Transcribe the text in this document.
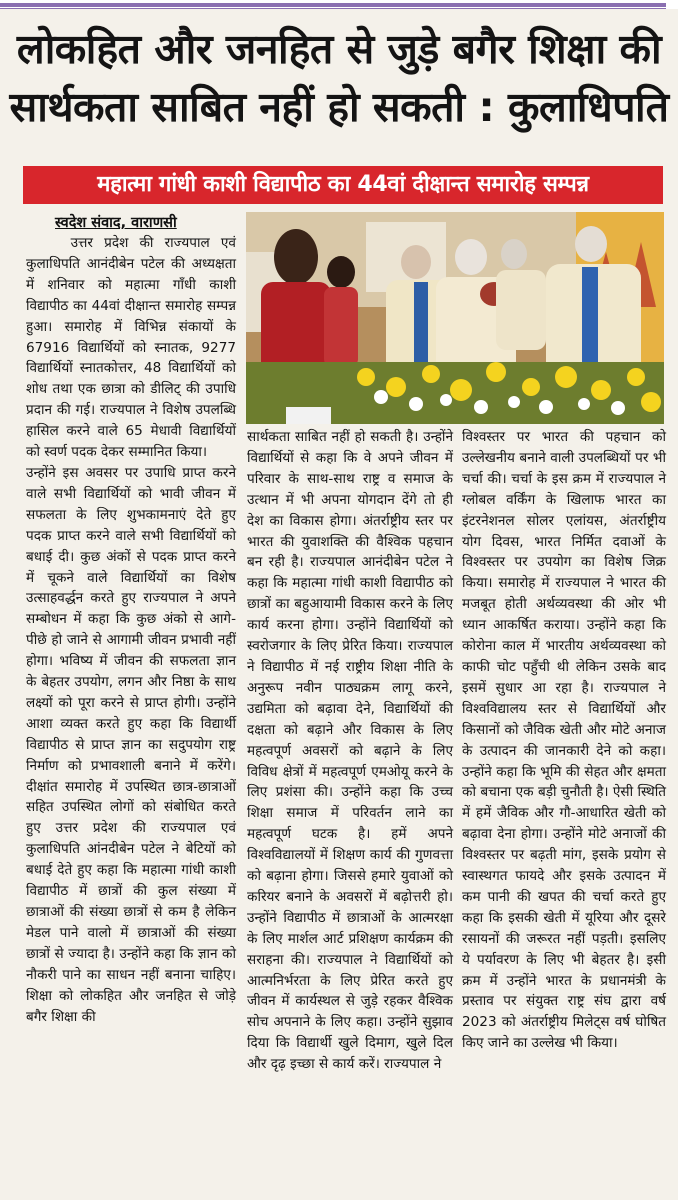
लोकहित और जनहित से जुड़े बगैर शिक्षा की
सार्थकता साबित नहीं हो सकती : कुलाधिपति
महात्मा गांधी काशी विद्यापीठ का 44वां दीक्षान्त समारोह सम्पन्न
स्वदेश संवाद, वाराणसी

उत्तर प्रदेश की राज्यपाल एवं कुलाधिपति आनंदीबेन पटेल की अध्यक्षता में शनिवार को महात्मा गाँधी काशी विद्यापीठ का 44वां दीक्षान्त समारोह सम्पन्न हुआ। समारोह में विभिन्न संकायों के 67916 विद्यार्थियों को स्नातक, 9277 विद्यार्थियों स्नातकोत्तर, 48 विद्यार्थियों को शोध तथा एक छात्रा को डीलिट् की उपाधि प्रदान की गई। राज्यपाल ने विशेष उपलब्धि हासिल करने वाले 65 मेधावी विद्यार्थियों को स्वर्ण पदक देकर सम्मानित किया।

उन्होंने इस अवसर पर उपाधि प्राप्त करने वाले सभी विद्यार्थियों को भावी जीवन में सफलता के लिए शुभकामनाएं देते हुए पदक प्राप्त करने वाले सभी विद्यार्थियों को बधाई दी। कुछ अंकों से पदक प्राप्त करने में चूकने वाले विद्यार्थियों का विशेष उत्साहवर्द्धन करते हुए राज्यपाल ने अपने सम्बोधन में कहा कि कुछ अंको से आगे-पीछे हो जाने से आगामी जीवन प्रभावी नहीं होगा। भविष्य में जीवन की सफलता ज्ञान के बेहतर उपयोग, लगन और निष्ठा के साथ लक्ष्यों को पूरा करने से प्राप्त होगी। उन्होंने आशा व्यक्त करते हुए कहा कि विद्यार्थी विद्यापीठ से प्राप्त ज्ञान का सदुपयोग राष्ट्र निर्माण को प्रभावशाली बनाने में करेंगे। दीक्षांत समारोह में उपस्थित छात्र-छात्राओं सहित उपस्थित लोगों को संबोधित करते हुए उत्तर प्रदेश की राज्यपाल एवं कुलाधिपति आंनदीबेन पटेल ने बेटियों को बधाई देते हुए कहा कि महात्मा गांधी काशी विद्यापीठ में छात्रों की कुल संख्या में छात्राओं की संख्या छात्रों से कम है लेकिन मेडल पाने वालो में छात्राओं की संख्या छात्रों से ज्यादा है। उन्होंने कहा कि ज्ञान को नौकरी पाने का साधन नहीं बनाना चाहिए। शिक्षा को लोकहित और जनहित से जोड़े बगैर शिक्षा की

सार्थकता साबित नहीं हो सकती है। उन्होंने विद्यार्थियों से कहा कि वे अपने जीवन में परिवार के साथ-साथ राष्ट्र व समाज के उत्थान में भी अपना योगदान देंगे तो ही देश का विकास होगा। अंतर्राष्ट्रीय स्तर पर भारत की युवाशक्ति की वैश्विक पहचान बन रही है। राज्यपाल आनंदीबेन पटेल ने कहा कि महात्मा गांधी काशी विद्यापीठ को छात्रों का बहुआयामी विकास करने के लिए कार्य करना होगा। उन्होंने विद्यार्थियों को स्वरोजगार के लिए प्रेरित किया। राज्यपाल ने विद्यापीठ में नई राष्ट्रीय शिक्षा नीति के अनुरूप नवीन पाठ्यक्रम लागू करने, उद्यमिता को बढ़ावा देने, विद्यार्थियों की दक्षता को बढ़ाने और विकास के लिए महत्वपूर्ण अवसरों को बढ़ाने के लिए विविध क्षेत्रों में महत्वपूर्ण एमओयू करने के लिए प्रशंसा की। उन्होंने कहा कि उच्च शिक्षा समाज में परिवर्तन लाने का महत्वपूर्ण घटक है। हमें अपने विश्वविद्यालयों में शिक्षण कार्य की गुणवत्ता को बढ़ाना होगा। जिससे हमारे युवाओं को करियर बनाने के अवसरों में बढ़ोत्तरी हो। उन्होंने विद्यापीठ में छात्राओं के आत्मरक्षा के लिए मार्शल आर्ट प्रशिक्षण कार्यक्रम की सराहना की। राज्यपाल ने विद्यार्थियों को आत्मनिर्भरता के लिए प्रेरित करते हुए जीवन में कार्यस्थल से जुड़े रहकर वैश्विक सोच अपनाने के लिए कहा। उन्होंने सुझाव दिया कि विद्यार्थी खुले दिमाग, खुले दिल और दृढ़ इच्छा से कार्य करें। राज्यपाल ने

विश्वस्तर पर भारत की पहचान को उल्लेखनीय बनाने वाली उपलब्धियों पर भी चर्चा की। चर्चा के इस क्रम में राज्यपाल ने ग्लोबल वर्किंग के खिलाफ भारत का इंटरनेशनल सोलर एलांयस, अंतर्राष्ट्रीय योग दिवस, भारत निर्मित दवाओं के विश्वस्तर पर उपयोग का विशेष जिक्र किया। समारोह में राज्यपाल ने भारत की मजबूत होती अर्थव्यवस्था की ओर भी ध्यान आकर्षित कराया। उन्होंने कहा कि कोरोना काल में भारतीय अर्थव्यवस्था को काफी चोट पहुँची थी लेकिन उसके बाद इसमें सुधार आ रहा है। राज्यपाल ने विश्वविद्यालय स्तर से विद्यार्थियों और किसानों को जैविक खेती और मोटे अनाज के उत्पादन की जानकारी देने को कहा। उन्होंने कहा कि भूमि की सेहत और क्षमता को बचाना एक बड़ी चुनौती है। ऐसी स्थिति में हमें जैविक और गौ-आधारित खेती को बढ़ावा देना होगा। उन्होंने मोटे अनाजों की विश्वस्तर पर बढ़ती मांग, इसके प्रयोग से स्वास्थगत फायदे और इसके उत्पादन में कम पानी की खपत की चर्चा करते हुए कहा कि इसकी खेती में यूरिया और दूसरे रसायनों की जरूरत नहीं पड़ती। इसलिए ये पर्यावरण के लिए भी बेहतर है। इसी क्रम में उन्होंने भारत के प्रधानमंत्री के प्रस्ताव पर संयुक्त राष्ट्र संघ द्वारा वर्ष 2023 को अंतर्राष्ट्रीय मिलेट्स वर्ष घोषित किए जाने का उल्लेख भी किया।
